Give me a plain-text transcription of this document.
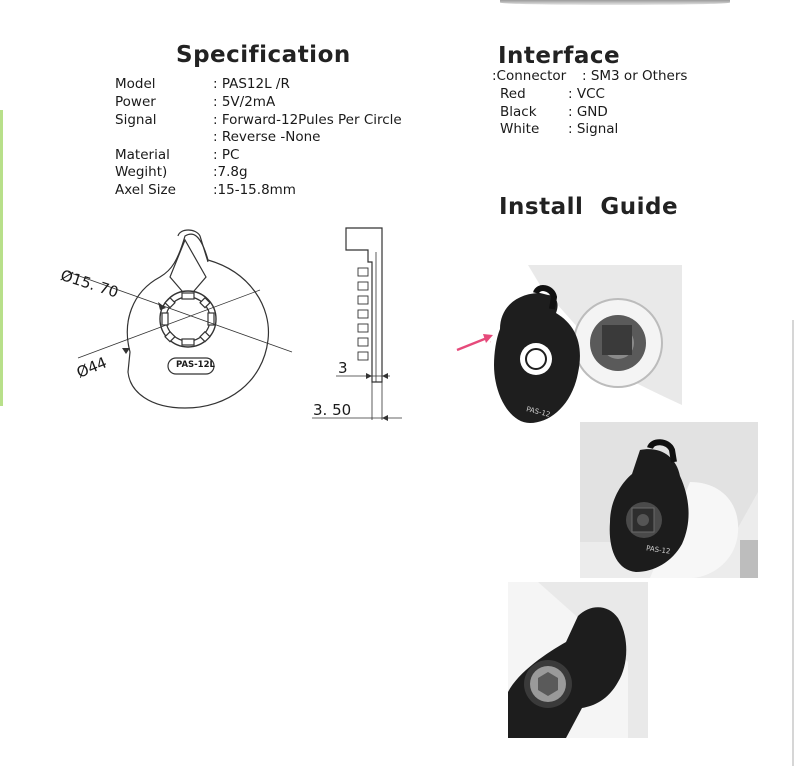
Specification
Model	: PAS12L /R
Power	: 5V/2mA
Signal	: Forward-12Pules Per Circle
: Reverse -None
Material	: PC
Wegiht)	:7.8g
Axel Size	:15-15.8mm
Interface
:Connector : SM3 or Others
Red	: VCC
Black : GND
White : Signal
Install  Guide
Ø15. 70
Ø44	PAS-12L	3
3. 50	PAS-12
PAS-12
